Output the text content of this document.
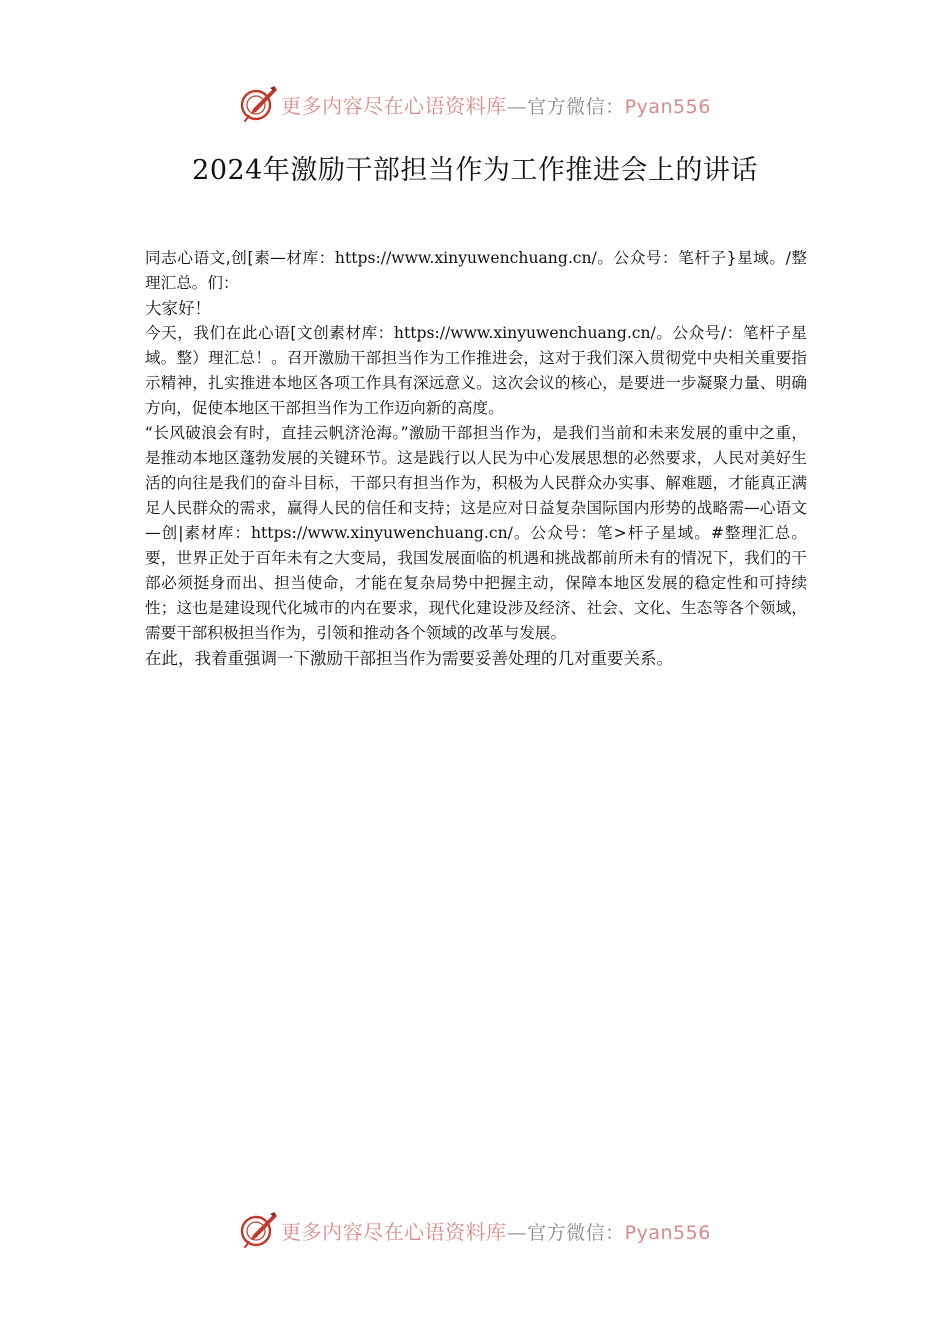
更多内容尽在心语资料库—官方微信：Pyan556
2024年激励干部担当作为工作推进会上的讲话

同志心语文,创[素—材库：https://www.xinyuwenchuang.cn/。公众号：笔杆子}星域。/整理汇总。们：

大家好！

今天，我们在此心语[文创素材库：https://www.xinyuwenchuang.cn/。公众号/：笔杆子星域。整）理汇总！。召开激励干部担当作为工作推进会，这对于我们深入贯彻党中央相关重要指示精神，扎实推进本地区各项工作具有深远意义。这次会议的核心，是要进一步凝聚力量、明确方向，促使本地区干部担当作为工作迈向新的高度。

“长风破浪会有时，直挂云帆济沧海。”激励干部担当作为，是我们当前和未来发展的重中之重，是推动本地区蓬勃发展的关键环节。这是践行以人民为中心发展思想的必然要求，人民对美好生活的向往是我们的奋斗目标，干部只有担当作为，积极为人民群众办实事、解难题，才能真正满足人民群众的需求，赢得人民的信任和支持；这是应对日益复杂国际国内形势的战略需—心语文—创|素材库：https://www.xinyuwenchuang.cn/。公众号：笔>杆子星域。#整理汇总。要，世界正处于百年未有之大变局，我国发展面临的机遇和挑战都前所未有的情况下，我们的干部必须挺身而出、担当使命，才能在复杂局势中把握主动，保障本地区发展的稳定性和可持续性；这也是建设现代化城市的内在要求，现代化建设涉及经济、社会、文化、生态等各个领域，需要干部积极担当作为，引领和推动各个领域的改革与发展。

在此，我着重强调一下激励干部担当作为需要妥善处理的几对重要关系。

更多内容尽在心语资料库—官方微信：Pyan556
